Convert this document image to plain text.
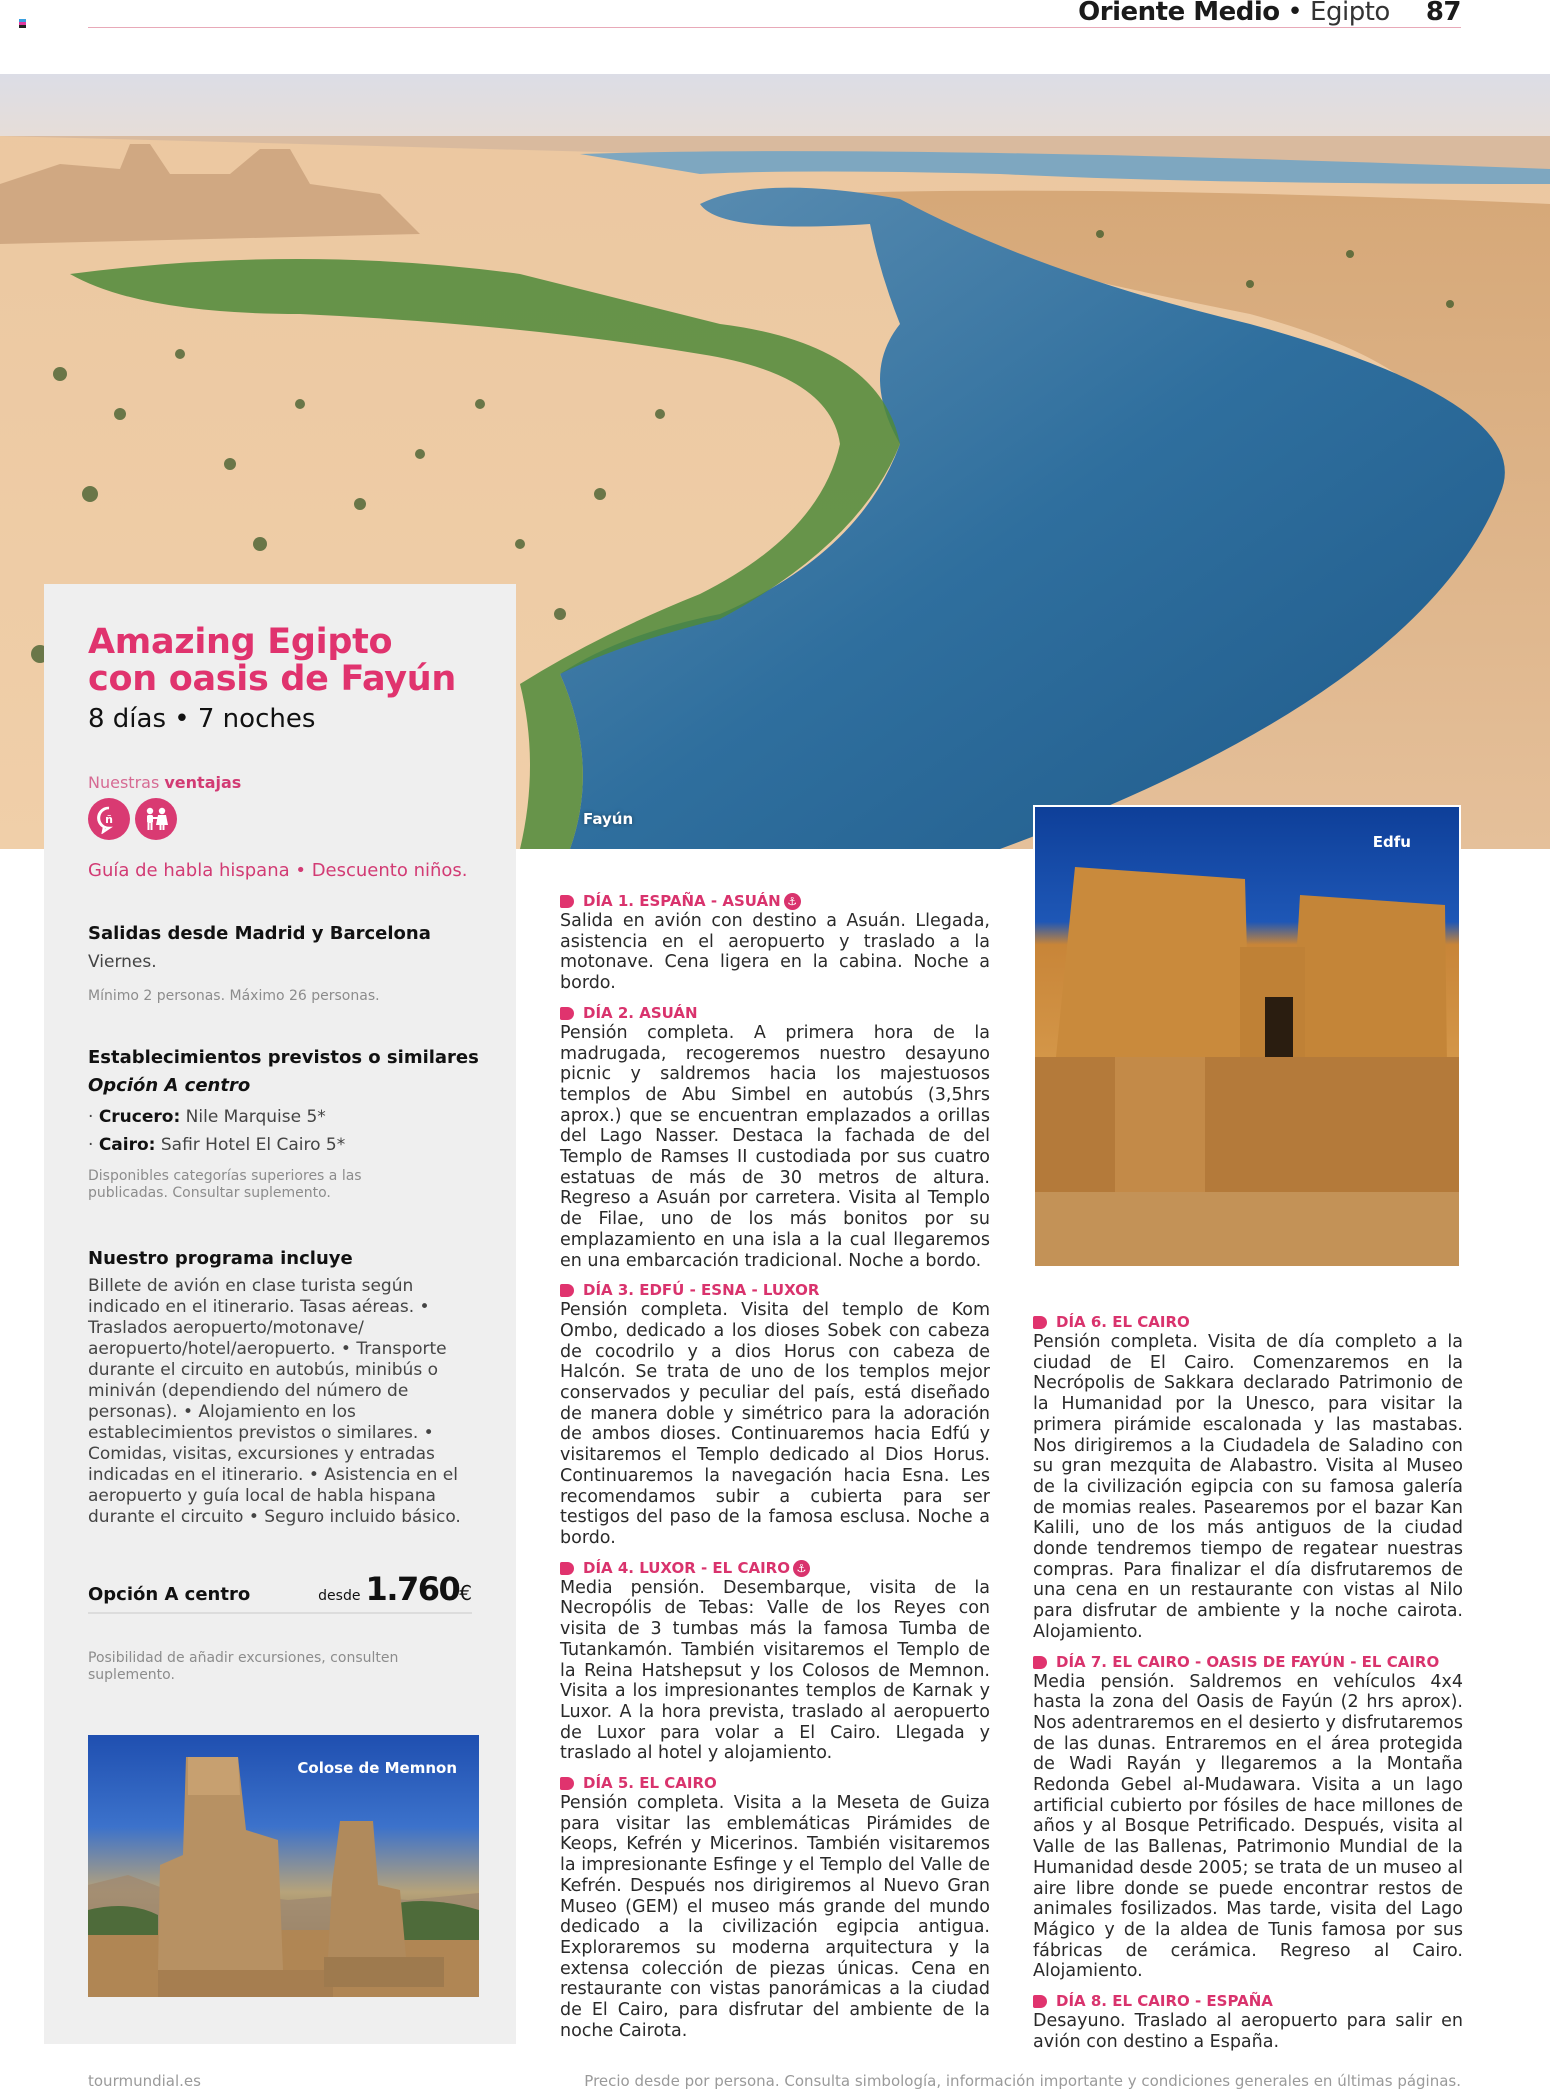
Oriente Medio • Egipto 87
Fayún
Amazing Egipto
con oasis de Fayún
8 días • 7 noches
Nuestras ventajas
ñ
Guía de habla hispana • Descuento niños.
Salidas desde Madrid y Barcelona
Viernes.
Mínimo 2 personas. Máximo 26 personas.
Establecimientos previstos o similares
Opción A centro
· Crucero: Nile Marquise 5*
· Cairo: Safir Hotel El Cairo 5*
Disponibles categorías superiores a las publicadas. Consultar suplemento.
Nuestro programa incluye
Billete de avión en clase turista según indicado en el itinerario. Tasas aéreas. • Traslados aeropuerto/motonave/ aeropuerto/hotel/aeropuerto. • Transporte durante el circuito en autobús, minibús o miniván (dependiendo del número de personas). • Alojamiento en los establecimientos previstos o similares. • Comidas, visitas, excursiones y entradas indicadas en el itinerario. • Asistencia en el aeropuerto y guía local de habla hispana durante el circuito • Seguro incluido básico.
Opción A centro	desde 1.760€
Posibilidad de añadir excursiones, consulten suplemento.
Colose de Memnon
DÍA 1. ESPAÑA - ASUÁN ⚓
Salida en avión con destino a Asuán. Llegada, asistencia en el aeropuerto y traslado a la motonave. Cena ligera en la cabina. Noche a bordo.
DÍA 2. ASUÁN
Pensión completa. A primera hora de la madrugada, recogeremos nuestro desayuno picnic y saldremos hacia los majestuosos templos de Abu Simbel en autobús (3,5hrs aprox.) que se encuentran emplazados a orillas del Lago Nasser. Destaca la fachada de del Templo de Ramses II custodiada por sus cuatro estatuas de más de 30 metros de altura. Regreso a Asuán por carretera. Visita al Templo de Filae, uno de los más bonitos por su emplazamiento en una isla a la cual llegaremos en una embarcación tradicional. Noche a bordo.
DÍA 3. EDFÚ - ESNA - LUXOR
Pensión completa. Visita del templo de Kom Ombo, dedicado a los dioses Sobek con cabeza de cocodrilo y a dios Horus con cabeza de Halcón. Se trata de uno de los templos mejor conservados y peculiar del país, está diseñado de manera doble y simétrico para la adoración de ambos dioses. Continuaremos hacia Edfú y visitaremos el Templo dedicado al Dios Horus. Continuaremos la navegación hacia Esna. Les recomendamos subir a cubierta para ser testigos del paso de la famosa esclusa. Noche a bordo.
DÍA 4. LUXOR - EL CAIRO ⚓
Media pensión. Desembarque, visita de la Necropólis de Tebas: Valle de los Reyes con visita de 3 tumbas más la famosa Tumba de Tutankamón. También visitaremos el Templo de la Reina Hatshepsut y los Colosos de Memnon. Visita a los impresionantes templos de Karnak y Luxor. A la hora prevista, traslado al aeropuerto de Luxor para volar a El Cairo. Llegada y traslado al hotel y alojamiento.
DÍA 5. EL CAIRO
Pensión completa. Visita a la Meseta de Guiza para visitar las emblemáticas Pirámides de Keops, Kefrén y Micerinos. También visitaremos la impresionante Esfinge y el Templo del Valle de Kefrén. Después nos dirigiremos al Nuevo Gran Museo (GEM) el museo más grande del mundo dedicado a la civilización egipcia antigua. Exploraremos su moderna arquitectura y la extensa colección de piezas únicas. Cena en restaurante con vistas panorámicas a la ciudad de El Cairo, para disfrutar del ambiente de la noche Cairota.
Edfu
DÍA 6. EL CAIRO
Pensión completa. Visita de día completo a la ciudad de El Cairo. Comenzaremos en la Necrópolis de Sakkara declarado Patrimonio de la Humanidad por la Unesco, para visitar la primera pirámide escalonada y las mastabas. Nos dirigiremos a la Ciudadela de Saladino con su gran mezquita de Alabastro. Visita al Museo de la civilización egipcia con su famosa galería de momias reales. Pasearemos por el bazar Kan Kalili, uno de los más antiguos de la ciudad donde tendremos tiempo de regatear nuestras compras. Para finalizar el día disfrutaremos de una cena en un restaurante con vistas al Nilo para disfrutar de ambiente y la noche cairota. Alojamiento.
DÍA 7. EL CAIRO - OASIS DE FAYÚN - EL CAIRO
Media pensión. Saldremos en vehículos 4x4 hasta la zona del Oasis de Fayún (2 hrs aprox). Nos adentraremos en el desierto y disfrutaremos de las dunas. Entraremos en el área protegida de Wadi Rayán y llegaremos a la Montaña Redonda Gebel al-Mudawara. Visita a un lago artificial cubierto por fósiles de hace millones de años y al Bosque Petrificado. Después, visita al Valle de las Ballenas, Patrimonio Mundial de la Humanidad desde 2005; se trata de un museo al aire libre donde se puede encontrar restos de animales fosilizados. Mas tarde, visita del Lago Mágico y de la aldea de Tunis famosa por sus fábricas de cerámica. Regreso al Cairo. Alojamiento.
DÍA 8. EL CAIRO - ESPAÑA
Desayuno. Traslado al aeropuerto para salir en avión con destino a España.
tourmundial.es	Precio desde por persona. Consulta simbología, información importante y condiciones generales en últimas páginas.
